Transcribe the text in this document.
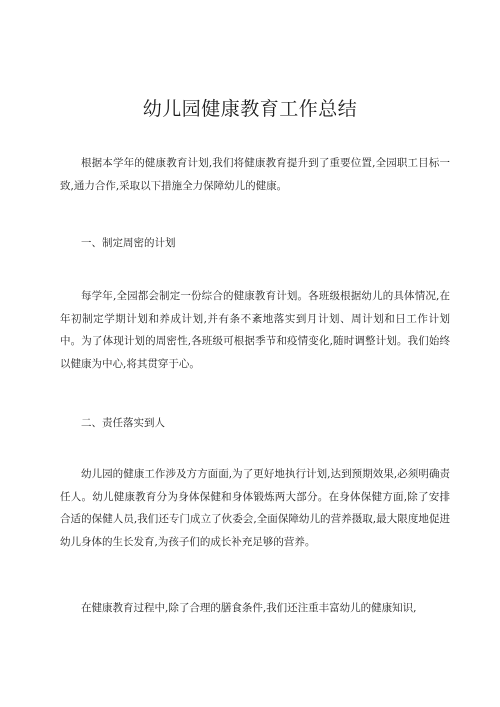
幼儿园健康教育工作总结

根据本学年的健康教育计划,我们将健康教育提升到了重要位置,全园职工目标一致,通力合作,采取以下措施全力保障幼儿的健康。

一、制定周密的计划

每学年,全园都会制定一份综合的健康教育计划。各班级根据幼儿的具体情况,在年初制定学期计划和养成计划,并有条不紊地落实到月计划、周计划和日工作计划中。为了体现计划的周密性,各班级可根据季节和疫情变化,随时调整计划。我们始终以健康为中心,将其贯穿于心。

二、责任落实到人

幼儿园的健康工作涉及方方面面,为了更好地执行计划,达到预期效果,必须明确责任人。幼儿健康教育分为身体保健和身体锻炼两大部分。在身体保健方面,除了安排合适的保健人员,我们还专门成立了伙委会,全面保障幼儿的营养摄取,最大限度地促进幼儿身体的生长发育,为孩子们的成长补充足够的营养。

在健康教育过程中,除了合理的膳食条件,我们还注重丰富幼儿的健康知识,
